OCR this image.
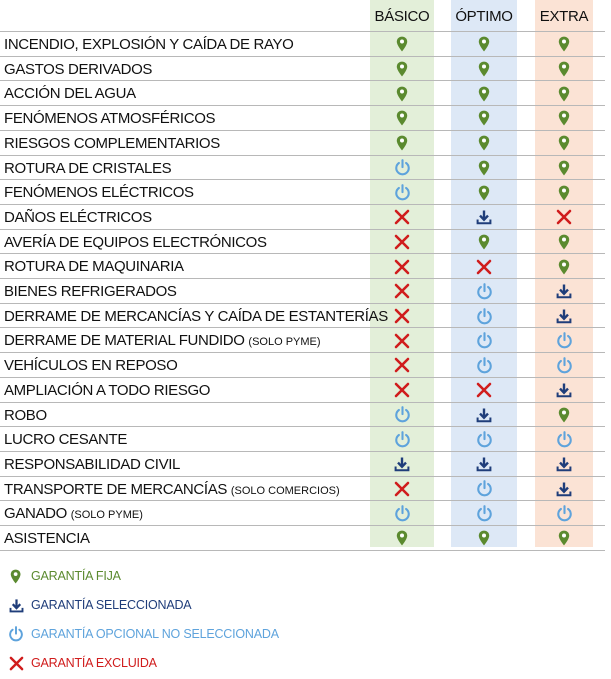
BÁSICO	ÓPTIMO	EXTRA
INCENDIO, EXPLOSIÓN Y CAÍDA DE RAYO
GASTOS DERIVADOS
ACCIÓN DEL AGUA
FENÓMENOS ATMOSFÉRICOS
RIESGOS COMPLEMENTARIOS
ROTURA DE CRISTALES
FENÓMENOS ELÉCTRICOS
DAÑOS ELÉCTRICOS
AVERÍA DE EQUIPOS ELECTRÓNICOS
ROTURA DE MAQUINARIA
BIENES REFRIGERADOS
DERRAME DE MERCANCÍAS Y CAÍDA DE ESTANTERÍAS
DERRAME DE MATERIAL FUNDIDO (SOLO PYME)
VEHÍCULOS EN REPOSO
AMPLIACIÓN A TODO RIESGO
ROBO
LUCRO CESANTE
RESPONSABILIDAD CIVIL
TRANSPORTE DE MERCANCÍAS (SOLO COMERCIOS)
GANADO (SOLO PYME)
ASISTENCIA
GARANTÍA FIJA
GARANTÍA SELECCIONADA
GARANTÍA OPCIONAL NO SELECCIONADA
GARANTÍA EXCLUIDA
